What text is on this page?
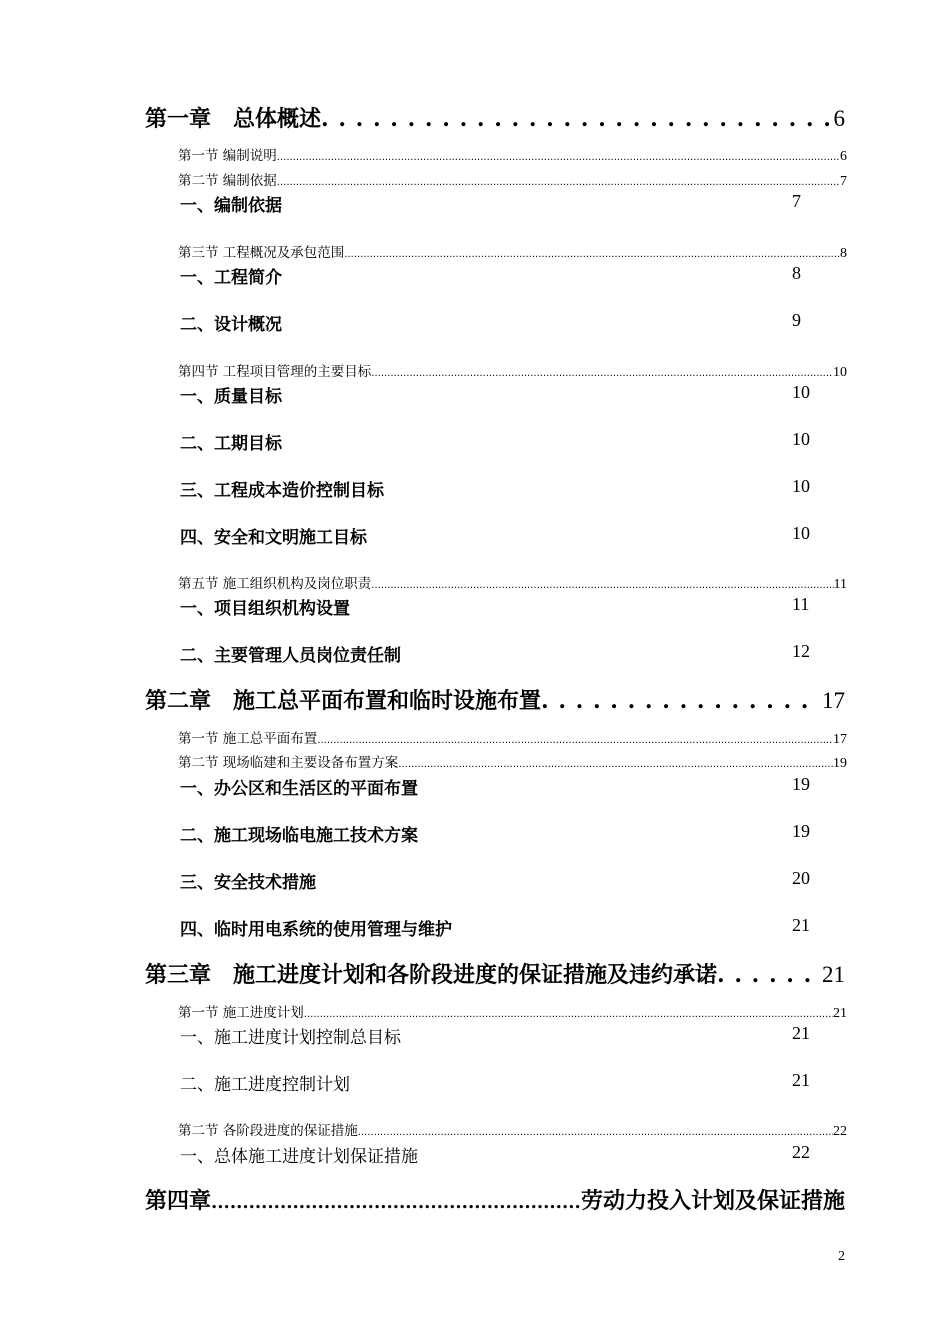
第一章　总体概述 . . .	6
第一节 编制说明 .....	6
第二节 编制依据 .....	7
一、编制依据	7
第三节 工程概况及承包范围 .....	8
一、工程简介	8
二、设计概况	9
第四节 工程项目管理的主要目标 .....	10
一、质量目标	10
二、工期目标	10
三、工程成本造价控制目标	10
四、安全和文明施工目标	10
第五节 施工组织机构及岗位职责 .....	11
一、项目组织机构设置	11
二、主要管理人员岗位责任制	12
第二章　施工总平面布置和临时设施布置 . . .	17
第一节 施工总平面布置 .....	17
第二节 现场临建和主要设备布置方案 .....	19
一、办公区和生活区的平面布置	19
二、施工现场临电施工技术方案	19
三、安全技术措施	20
四、临时用电系统的使用管理与维护	21
第三章　施工进度计划和各阶段进度的保证措施及违约承诺 . . .	21
第一节 施工进度计划 .....	21
一、施工进度计划控制总目标	21
二、施工进度控制计划	21
第二节 各阶段进度的保证措施 .....	22
一、总体施工进度计划保证措施	22
第四章 .....	劳动力投入计划及保证措施
2
